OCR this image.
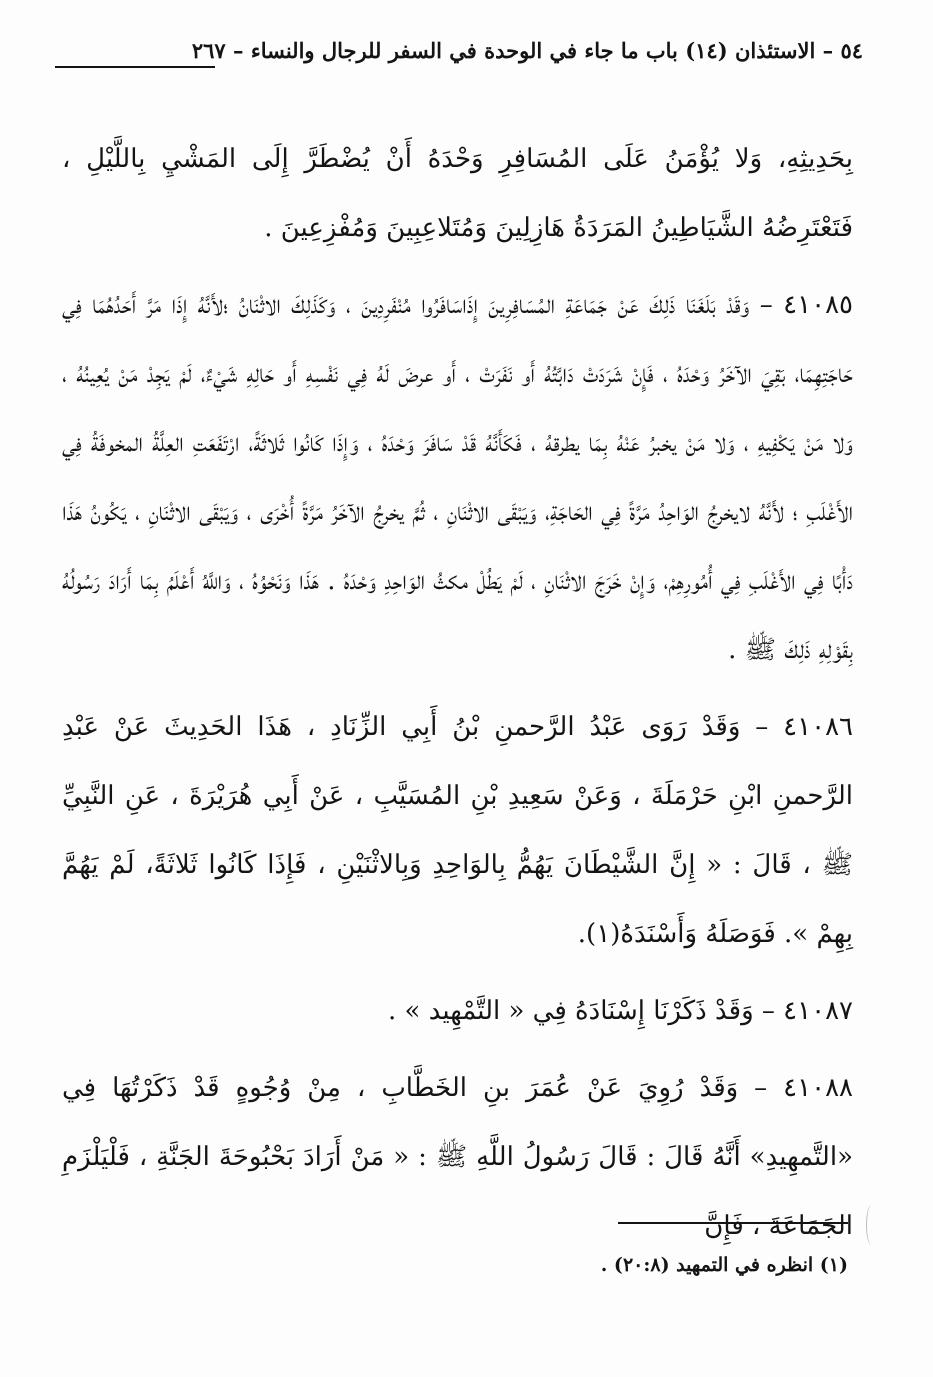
٥٤ – الاستئذان (١٤) باب ما جاء في الوحدة في السفر للرجال والنساء – ٢٦٧

بِحَدِيثِهِ، وَلا يُؤْمَنُ عَلَى المُسَافِرِ وَحْدَهُ أَنْ يُضْطَرَّ إِلَى المَشْيِ بِاللَّيْلِ ، فَتَعْتَرِضُهُ الشَّيَاطِينُ المَرَدَةُ هَازِلِينَ وَمُتَلاعِبِينَ وَمُفْزِعِينَ .

٤١٠٨٥ – وَقَدْ بَلَغَنَا ذَلِكَ عَنْ جَمَاعَةِ المُسَافِرِينَ إِذَاسَافَرُوا مُنْفَرِدِينَ ، وَكَذَلِكَ الاثْنَانُ ؛لأَنَّهُ إِذَا مَرَّ أَحَدُهُمَا فِي حَاجَتِهِمَا، بَقِيَ الآخَرُ وَحْدَهُ ، فَإِنْ شَرَدَتْ دَابَّتُهُ أَو نَفَرَتْ ، أَو عرضَ لَهُ فِي نَفْسِهِ أَو حَالِهِ شَيْءٌ، لَمْ يَجِدْ مَنْ يُعِينُهُ ، وَلا مَنْ يَكْفِيهِ ، وَلا مَنْ يخبرُ عَنْهُ بِمَا يطرقهُ ، فَكَأَنَّهُ قَدْ سَافَرَ وَحْدَهُ ، وَإِذَا كَانُوا ثَلاثَةً، ارْتَفَعَتِ العِلَّةُ المخوفَةُ فِي الأَغْلَبِ ؛ لأَنَّهُ لايخرجُ الوَاحِدُ مَرَّةً فِي الحَاجَةِ، وَيَبْقَى الاثْنَانِ ، ثُمَّ يخرجُ الآخَرُ مَرَّةً أُخْرَى ، وَيَبْقَى الاثْنَانِ ، يَكُونُ هَذَا دَأْبًا فِي الأَغْلَبِ فِي أُمُورِهِمْ، وَإِنْ خَرَجَ الاثْنَانِ ، لَمْ يَطُلْ مكثُ الوَاحِدِ وَحْدَهُ . هَذَا وَنَحْوُهُ ، وَاللَّهُ أَعْلَمُ بِمَا أَرَادَ رَسُولُهُ بِقَوْلِهِ ذَلِكَ ﷺ .

٤١٠٨٦ – وَقَدْ رَوَى عَبْدُ الرَّحمنِ بْنُ أَبِي الزِّنَادِ ، هَذَا الحَدِيثَ عَنْ عَبْدِ الرَّحمنِ ابْنِ حَرْمَلَةَ ، وَعَنْ سَعِيدِ بْنِ المُسَيَّبِ ، عَنْ أَبِي هُرَيْرَةَ ، عَنِ النَّبِيِّ ﷺ ، قَالَ : « إِنَّ الشَّيْطَانَ يَهُمُّ بِالوَاحِدِ وَبِالاثْنَيْنِ ، فَإِذَا كَانُوا ثَلاثَةً، لَمْ يَهُمَّ بِهِمْ ». فَوَصَلَهُ وَأَسْنَدَهُ(١).

٤١٠٨٧ – وَقَدْ ذَكَرْنَا إِسْنَادَهُ فِي « التَّمْهِيد » .

٤١٠٨٨ – وَقَدْ رُوِيَ عَنْ عُمَرَ بنِ الخَطَّابِ ، مِنْ وُجُوهٍ قَدْ ذَكَرْتُهَا فِي «التَّمهِيدِ» أَنَّهُ قَالَ : قَالَ رَسُولُ اللَّهِ ﷺ : « مَنْ أَرَادَ بَحْبُوحَةَ الجَنَّةِ ، فَلْيَلْزَمِ الجَمَاعَةَ ، فَإِنَّ

(١) انظره في التمهيد (٢٠:٨) .
